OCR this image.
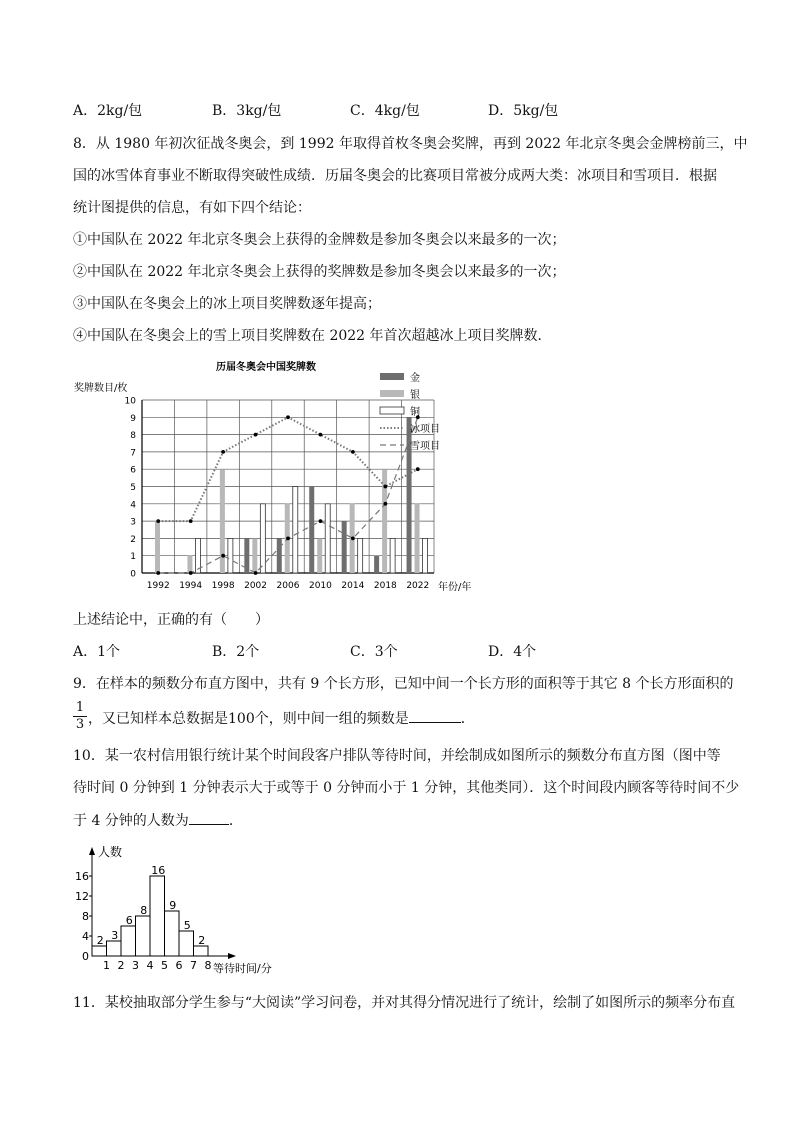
A．2kg/包	B．3kg/包	C．4kg/包	D．5kg/包
8．从 1980 年初次征战冬奥会，到 1992 年取得首枚冬奥会奖牌，再到 2022 年北京冬奥会金牌榜前三，中
国的冰雪体育事业不断取得突破性成绩．历届冬奥会的比赛项目常被分成两大类：冰项目和雪项目．根据
统计图提供的信息，有如下四个结论：
①中国队在 2022 年北京冬奥会上获得的金牌数是参加冬奥会以来最多的一次；
②中国队在 2022 年北京冬奥会上获得的奖牌数是参加冬奥会以来最多的一次；
③中国队在冬奥会上的冰上项目奖牌数逐年提高；
④中国队在冬奥会上的雪上项目奖牌数在 2022 年首次超越冰上项目奖牌数．
历届冬奥会中国奖牌数
奖牌数目/枚
年份/年
0
1
2
3
4
5
6
7
8
9
10
1992 1994 1998 2002 2006 2010 2014 2018 2022
金
银
铜
冰项目
雪项目
上述结论中，正确的有（　　）
A．1个	B．2个	C．3个	D．4个
9．在样本的频数分布直方图中，共有 9 个长方形，已知中间一个长方形的面积等于其它 8 个长方形面积的
$\frac{1}{3}$ ，又已知样本总数据是100个，则中间一组的频数是	．
10．某一农村信用银行统计某个时间段客户排队等待时间，并绘制成如图所示的频数分布直方图（图中等
待时间 0 分钟到 1 分钟表示大于或等于 0 分钟而小于 1 分钟，其他类同）．这个时间段内顾客等待时间不少
于 4 分钟的人数为	．
人数
等待时间/分
0
4
8
12
16
1 2 3 4 5 6 7 8
2 3
6
8
16
9
5
2
11．某校抽取部分学生参与“大阅读”学习问卷，并对其得分情况进行了统计，绘制了如图所示的频率分布直
